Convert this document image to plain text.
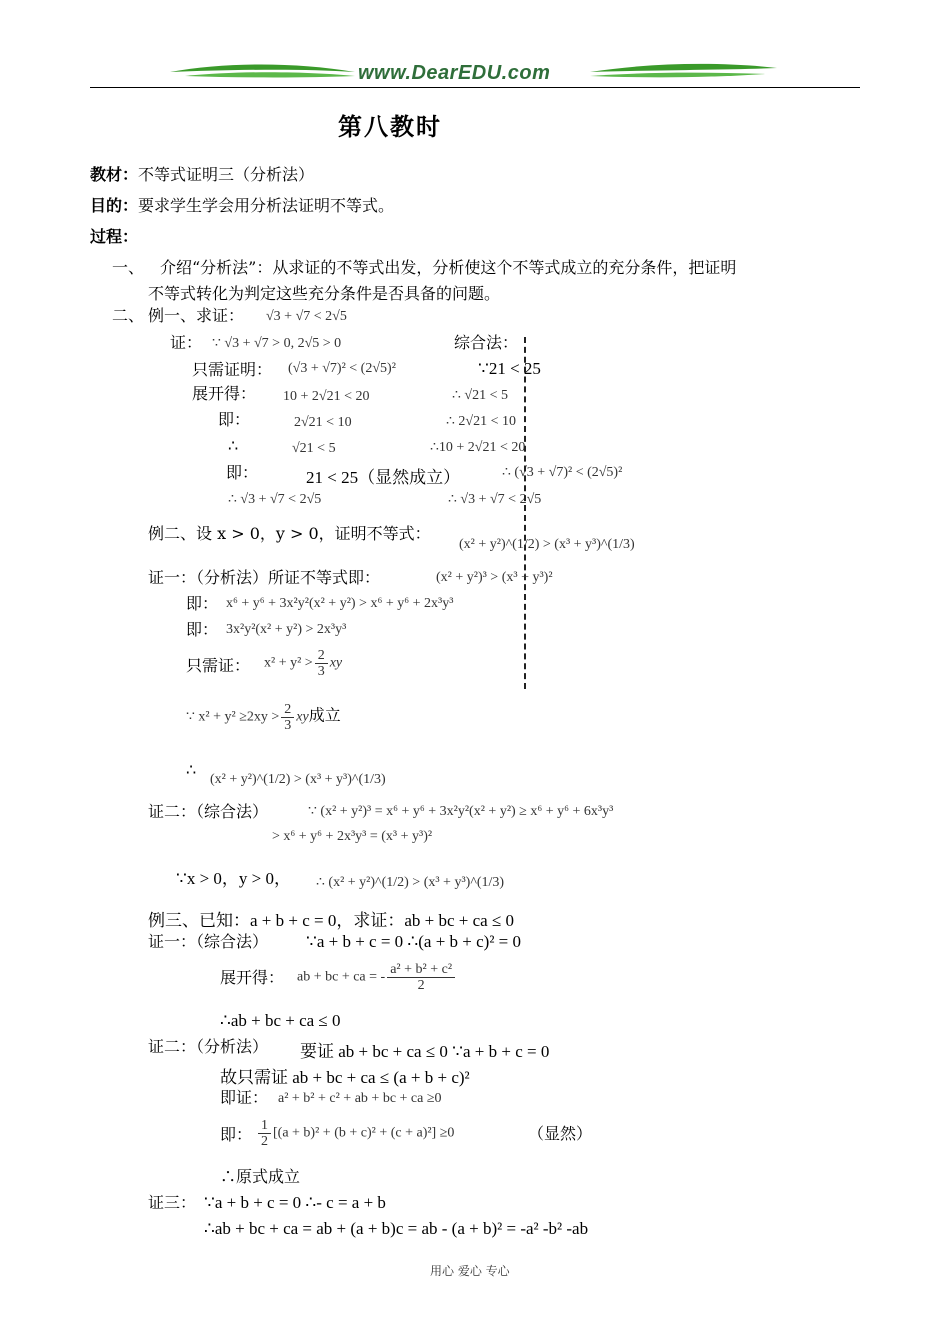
www.DearEDU.com
第八教时
教材：不等式证明三（分析法）
目的：要求学生学会用分析法证明不等式。
过程：
一、 介绍“分析法”：从求证的不等式出发，分析使这个不等式成立的充分条件，把证明
不等式转化为判定这些充分条件是否具备的问题。
二、 例一、求证： √3 + √7 < 2√5
证： ∵ √3 + √7 > 0, 2√5 > 0	综合法：
只需证明： (√3 + √7)² < (2√5)²
展开得： 10 + 2√21 < 20
即：	2√21 < 10
∴	√21 < 5
即：	21 < 25（显然成立）
∴ √3 + √7 < 2√5
∵21 < 25
∴ √21 < 5
∴ 2√21 < 10
∴10 + 2√21 < 20
∴ (√3 + √7)² < (2√5)²
∴ √3 + √7 < 2√5
例二、设 x > 0，y > 0，证明不等式：
(x² + y²)^(1/2) > (x³ + y³)^(1/3)
证一：（分析法）所证不等式即：	(x² + y²)³ > (x³ + y³)²
即： x⁶ + y⁶ + 3x²y²(x² + y²) > x⁶ + y⁶ + 2x³y³
即： 3x²y²(x² + y²) > 2x³y³
只需证： $x^2 + y^2 > \frac{2}{3}$ xy
∵ $x^2 + y^2 \ge 2xy > \frac{2}{3}$ xy成立
∴
(x² + y²)^(1/2) > (x³ + y³)^(1/3)
证二：（综合法）	∵ (x² + y²)³ = x⁶ + y⁶ + 3x²y²(x² + y²) ≥ x⁶ + y⁶ + 6x³y³
> x⁶ + y⁶ + 2x³y³ = (x³ + y³)²
∵x > 0，y > 0， ∴ (x² + y²)^(1/2) > (x³ + y³)^(1/3)
例三、已知：a + b + c = 0，求证：ab + bc + ca ≤ 0
证一：（综合法） ∵a + b + c = 0 ∴(a + b + c)² = 0
展开得： ab + bc + ca = - $\frac{\text{a² + b² + c²}}{2}$
∴ab + bc + ca ≤ 0
证二：（分析法） 要证 ab + bc + ca ≤ 0 ∵a + b + c = 0
故只需证 ab + bc + ca ≤ (a + b + c)²
即证： a² + b² + c² + ab + bc + ca ≥0
即： $\frac{1}{2} [(a + b)^2 + (b + c)^2 + (c + a)^2] \ge 0$	（显然）
∴原式成立
证三： ∵a + b + c = 0 ∴- c = a + b
∴ab + bc + ca = ab + (a + b)c = ab - (a + b)² = -a² -b² -ab
用心 爱心 专心
